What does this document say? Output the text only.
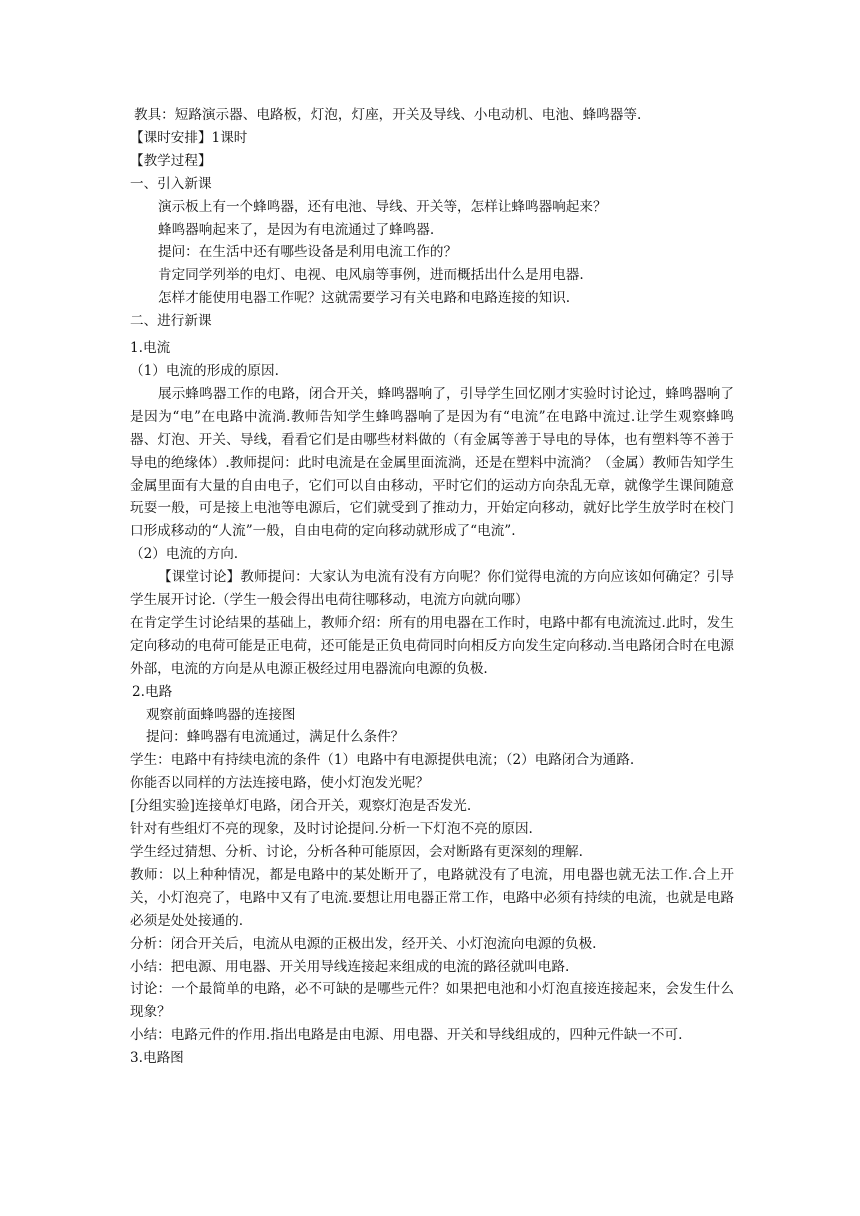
教具：短路演示器、电路板，灯泡，灯座，开关及导线、小电动机、电池、蜂鸣器等.
【课时安排】1课时
【教学过程】
一、引入新课
演示板上有一个蜂鸣器，还有电池、导线、开关等，怎样让蜂鸣器响起来？
蜂鸣器响起来了，是因为有电流通过了蜂鸣器.
提问：在生活中还有哪些设备是利用电流工作的？
肯定同学列举的电灯、电视、电风扇等事例，进而概括出什么是用电器.
怎样才能使用电器工作呢？这就需要学习有关电路和电路连接的知识.
二、进行新课
1.电流
（1）电流的形成的原因.
展示蜂鸣器工作的电路，闭合开关，蜂鸣器响了，引导学生回忆刚才实验时讨论过，蜂鸣器响了是因为“电”在电路中流淌.教师告知学生蜂鸣器响了是因为有“电流”在电路中流过.让学生观察蜂鸣器、灯泡、开关、导线，看看它们是由哪些材料做的（有金属等善于导电的导体，也有塑料等不善于导电的绝缘体）.教师提问：此时电流是在金属里面流淌，还是在塑料中流淌？（金属）教师告知学生金属里面有大量的自由电子，它们可以自由移动，平时它们的运动方向杂乱无章，就像学生课间随意玩耍一般，可是接上电池等电源后，它们就受到了推动力，开始定向移动，就好比学生放学时在校门口形成移动的“人流”一般，自由电荷的定向移动就形成了“电流”.
（2）电流的方向.
【课堂讨论】教师提问：大家认为电流有没有方向呢？你们觉得电流的方向应该如何确定？引导学生展开讨论.（学生一般会得出电荷往哪移动，电流方向就向哪）
在肯定学生讨论结果的基础上，教师介绍：所有的用电器在工作时，电路中都有电流流过.此时，发生定向移动的电荷可能是正电荷，还可能是正负电荷同时向相反方向发生定向移动.当电路闭合时在电源外部，电流的方向是从电源正极经过用电器流向电源的负极.
2.电路
观察前面蜂鸣器的连接图
提问：蜂鸣器有电流通过，满足什么条件？
学生：电路中有持续电流的条件（1）电路中有电源提供电流；（2）电路闭合为通路.
你能否以同样的方法连接电路，使小灯泡发光呢？
[分组实验]连接单灯电路，闭合开关，观察灯泡是否发光.
针对有些组灯不亮的现象，及时讨论提问.分析一下灯泡不亮的原因.
学生经过猜想、分析、讨论，分析各种可能原因，会对断路有更深刻的理解.
教师：以上种种情况，都是电路中的某处断开了，电路就没有了电流，用电器也就无法工作.合上开关，小灯泡亮了，电路中又有了电流.要想让用电器正常工作，电路中必须有持续的电流，也就是电路必须是处处接通的.
分析：闭合开关后，电流从电源的正极出发，经开关、小灯泡流向电源的负极.
小结：把电源、用电器、开关用导线连接起来组成的电流的路径就叫电路.
讨论：一个最简单的电路，必不可缺的是哪些元件？如果把电池和小灯泡直接连接起来，会发生什么现象？
小结：电路元件的作用.指出电路是由电源、用电器、开关和导线组成的，四种元件缺一不可.
3.电路图
